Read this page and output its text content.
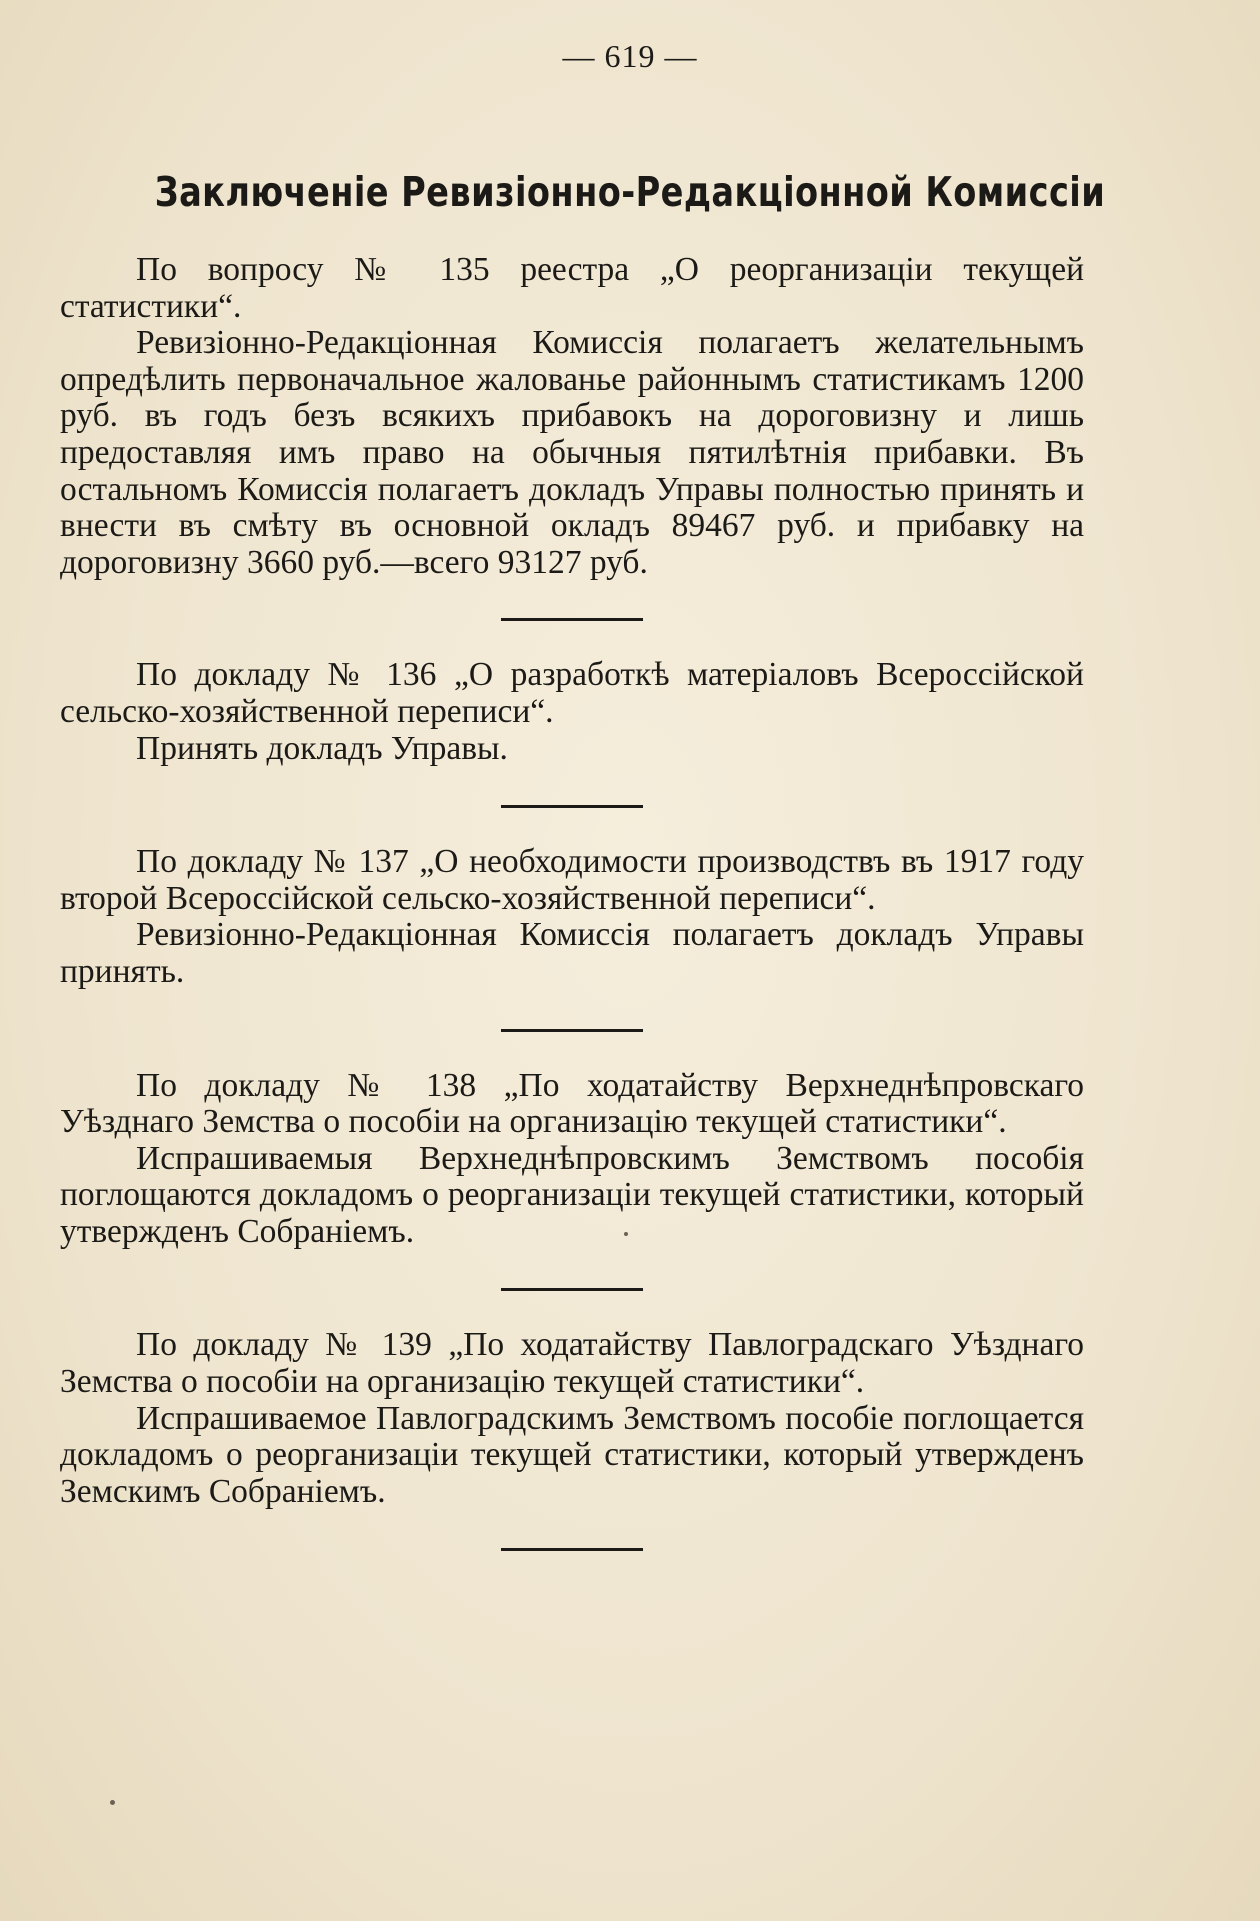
— 619 —
Заключенiе Ревизiонно-Редакцiонной Комиссiи

По вопросу № 135 реестра „О реорганизацiи текущей статистики“.

Ревизiонно-Редакцiонная Комиссiя полагаетъ желательнымъ опредѣлить первоначальное жалованье районнымъ статистикамъ 1200 руб. въ годъ безъ всякихъ прибавокъ на дороговизну и лишь предоставляя имъ право на обычныя пятилѣтнiя прибавки. Въ остальномъ Комиссiя полагаетъ докладъ Управы полностью принять и внести въ смѣту въ основной окладъ 89467 руб. и прибавку на дороговизну 3660 руб.—всего 93127 руб.

По докладу № 136 „О разработкѣ матерiаловъ Всероссiйской сельско-хозяйственной переписи“.

Принять докладъ Управы.

По докладу № 137 „О необходимости производствъ въ 1917 году второй Всероссiйской сельско-хозяйственной переписи“.

Ревизiонно-Редакцiонная Комиссiя полагаетъ докладъ Управы принять.

По докладу № 138 „По ходатайству Верхнеднѣпровскаго Уѣзднаго Земства о пособiи на организацiю текущей статистики“.

Испрашиваемыя Верхнеднѣпровскимъ Земствомъ пособiя поглощаются докладомъ о реорганизацiи текущей статистики, который утвержденъ Собранiемъ.

По докладу № 139 „По ходатайству Павлоградскаго Уѣзднаго Земства о пособiи на организацiю текущей статистики“.

Испрашиваемое Павлоградскимъ Земствомъ пособiе поглощается докладомъ о реорганизацiи текущей статистики, который утвержденъ Земскимъ Собранiемъ.
